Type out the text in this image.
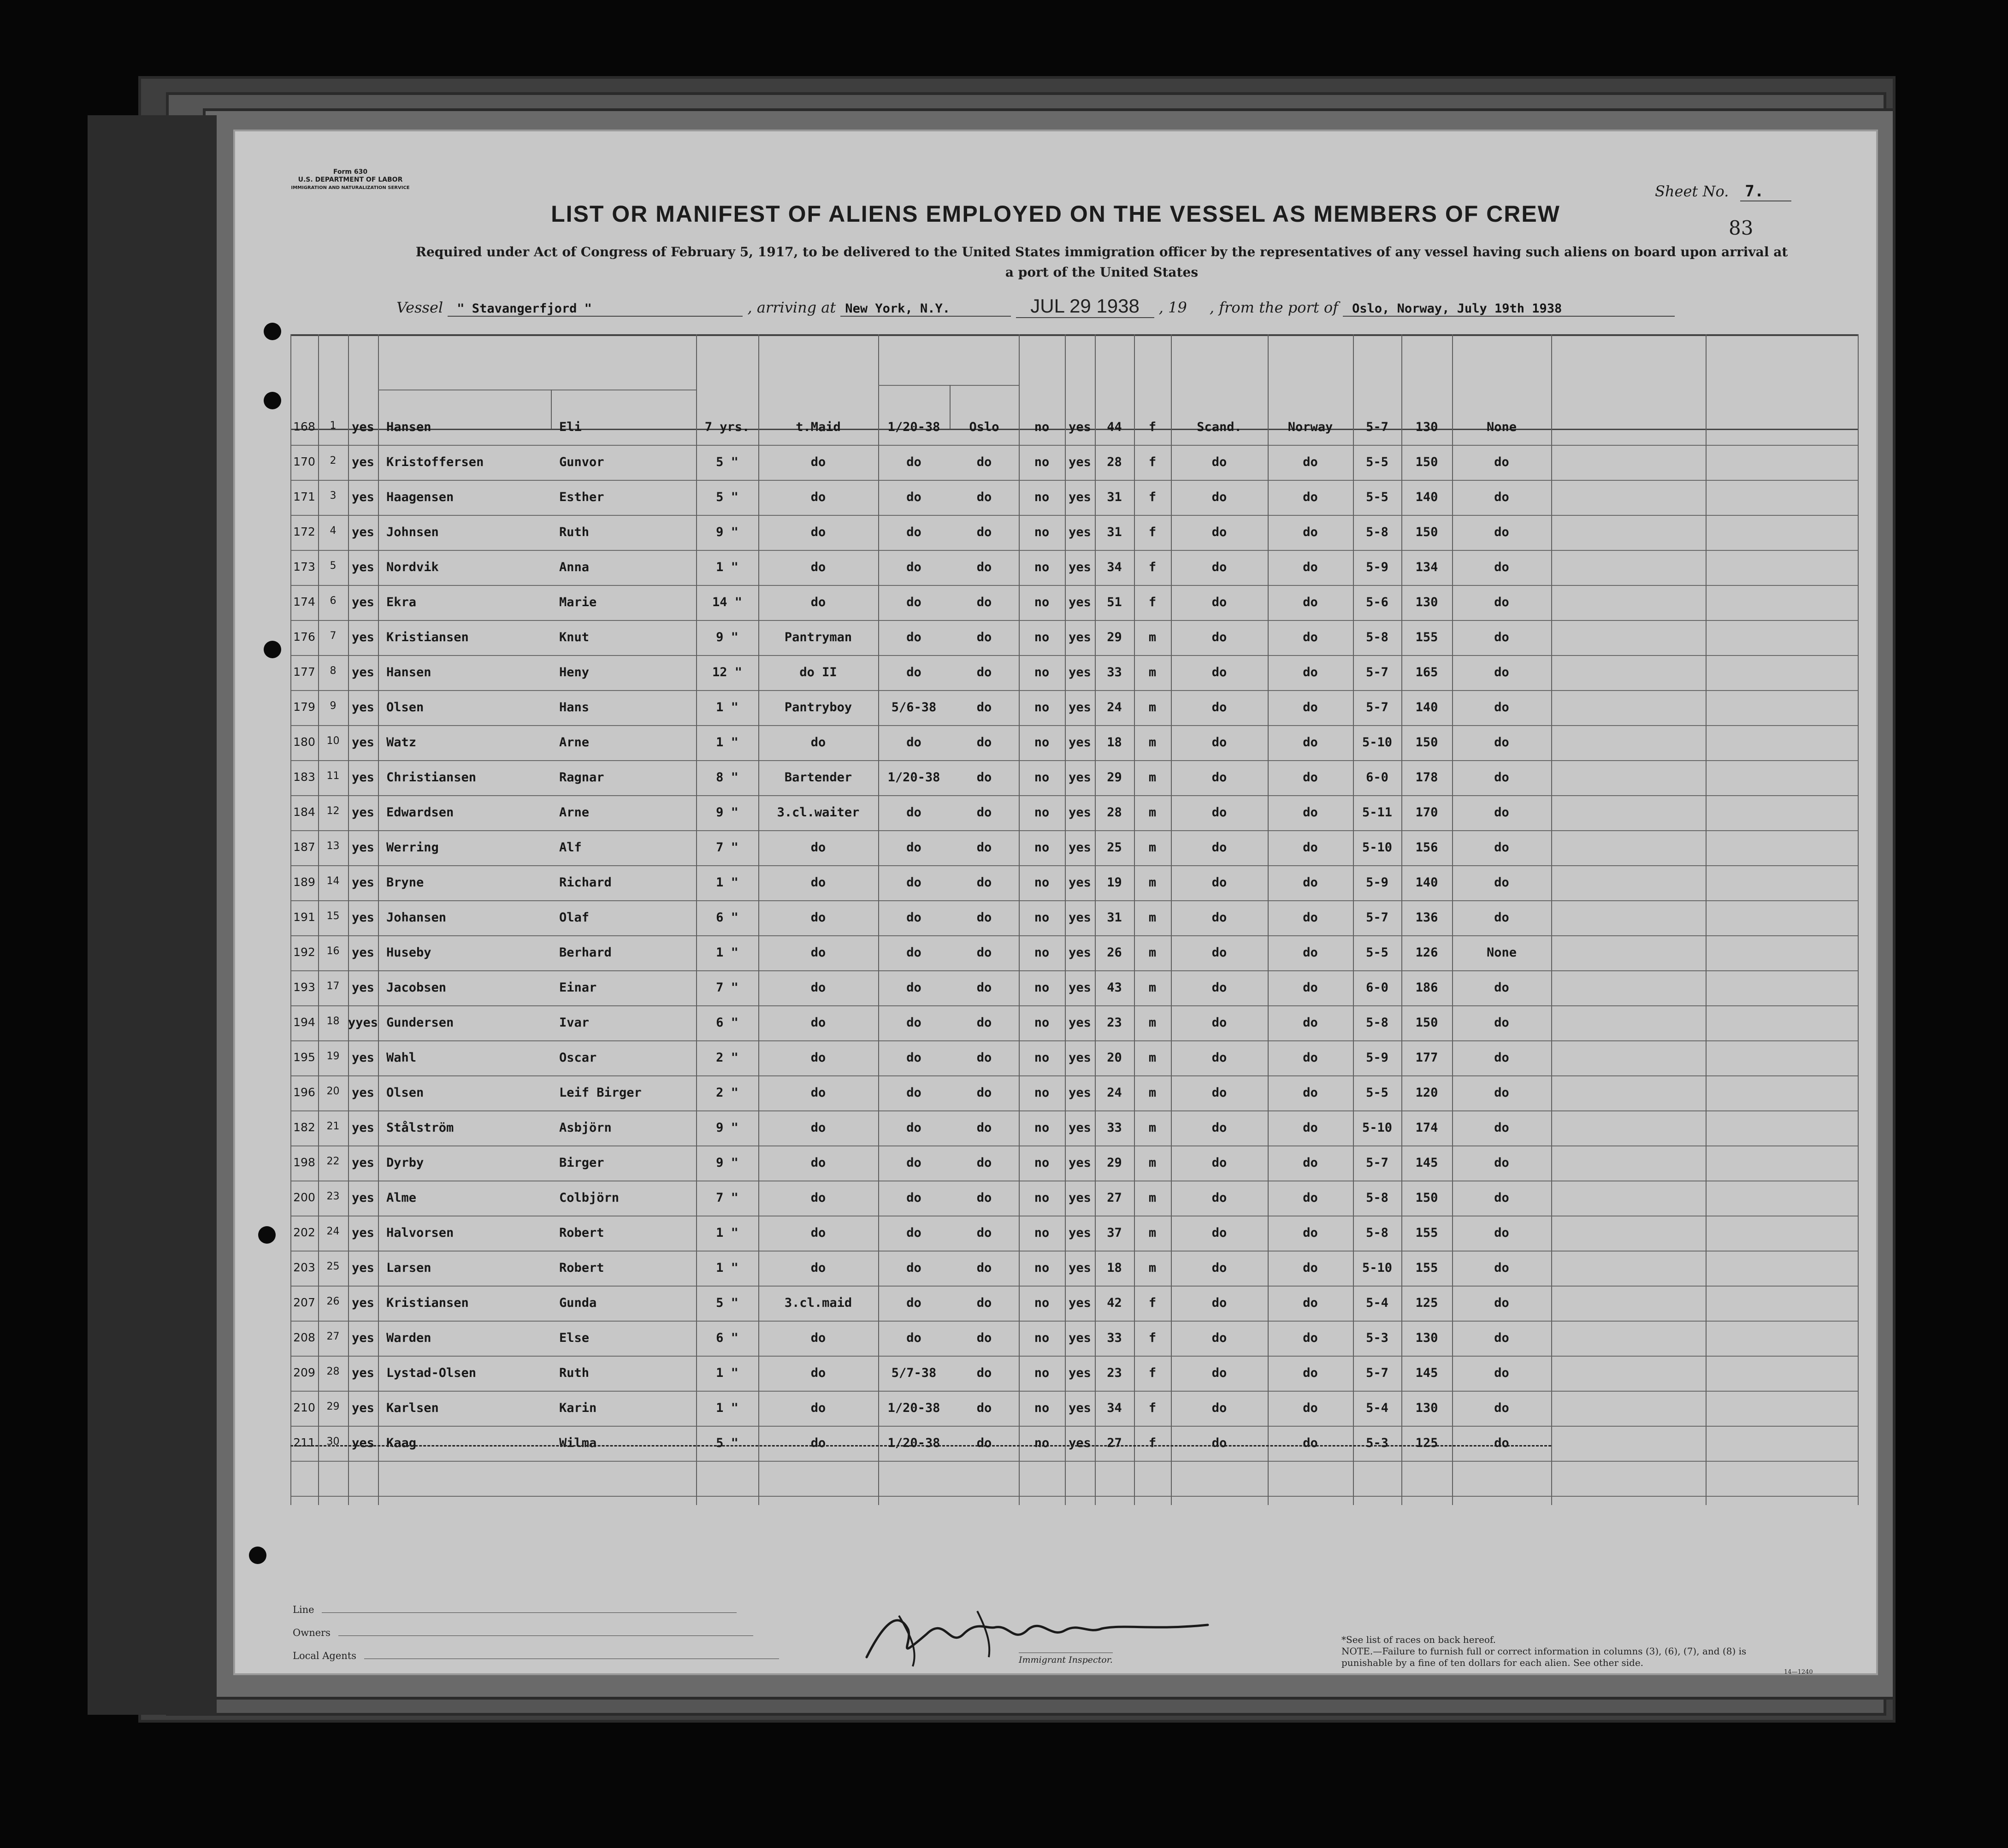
Form 630
U.S. DEPARTMENT OF LABOR
IMMIGRATION AND NATURALIZATION SERVICE
LIST OR MANIFEST OF ALIENS EMPLOYED ON THE VESSEL AS MEMBERS OF CREW
Required under Act of Congress of February 5, 1917, to be delivered to the United States immigration officer by the representatives of any vessel having such aliens on board upon arrival at a port of the United States
Sheet No. 7.
83
Vessel " Stavangerfjord "	, arriving at New York, N.Y.	JUL 29 1938 , 19 , from the port of Oslo, Norway, July 19th 1938
168	1	yes Hansen	Eli	7 yrs.	t.Maid	1/20-38	Oslo	no	yes	44	f	Scand.	Norway	5-7	130	None
170	2	yes Kristoffersen	Gunvor	5 "	do	do	do	no	yes	28	f	do	do	5-5	150	do
171	3	yes Haagensen	Esther	5 "	do	do	do	no	yes	31	f	do	do	5-5	140	do
172	4	yes Johnsen	Ruth	9 "	do	do	do	no	yes	31	f	do	do	5-8	150	do
173	5	yes Nordvik	Anna	1 "	do	do	do	no	yes	34	f	do	do	5-9	134	do
174	6	yes Ekra	Marie	14 "	do	do	do	no	yes	51	f	do	do	5-6	130	do
176	7	yes Kristiansen	Knut	9 "	Pantryman	do	do	no	yes	29	m	do	do	5-8	155	do
177	8	yes Hansen	Heny	12 "	do II	do	do	no	yes	33	m	do	do	5-7	165	do
179	9	yes Olsen	Hans	1 "	Pantryboy	5/6-38	do	no	yes	24	m	do	do	5-7	140	do
180	10 yes Watz	Arne	1 "	do	do	do	no	yes	18	m	do	do	5-10	150	do
183	11 yes Christiansen	Ragnar	8 "	Bartender	1/20-38	do	no	yes	29	m	do	do	6-0	178	do
184	12 yes Edwardsen	Arne	9 "	3.cl.waiter	do	do	no	yes	28	m	do	do	5-11	170	do
187	13 yes Werring	Alf	7 "	do	do	do	no	yes	25	m	do	do	5-10	156	do
189	14 yes Bryne	Richard	1 "	do	do	do	no	yes	19	m	do	do	5-9	140	do
191	15 yes Johansen	Olaf	6 "	do	do	do	no	yes	31	m	do	do	5-7	136	do
192	16 yes Huseby	Berhard	1 "	do	do	do	no	yes	26	m	do	do	5-5	126	None
193	17 yes Jacobsen	Einar	7 "	do	do	do	no	yes	43	m	do	do	6-0	186	do
194	18 yyes Gundersen	Ivar	6 "	do	do	do	no	yes	23	m	do	do	5-8	150	do
195	19 yes Wahl	Oscar	2 "	do	do	do	no	yes	20	m	do	do	5-9	177	do
196	20 yes Olsen	Leif Birger	2 "	do	do	do	no	yes	24	m	do	do	5-5	120	do
182	21 yes Stålström	Asbjörn	9 "	do	do	do	no	yes	33	m	do	do	5-10	174	do
198	22 yes Dyrby	Birger	9 "	do	do	do	no	yes	29	m	do	do	5-7	145	do
200	23 yes Alme	Colbjörn	7 "	do	do	do	no	yes	27	m	do	do	5-8	150	do
202	24 yes Halvorsen	Robert	1 "	do	do	do	no	yes	37	m	do	do	5-8	155	do
203	25 yes Larsen	Robert	1 "	do	do	do	no	yes	18	m	do	do	5-10	155	do
207	26 yes Kristiansen	Gunda	5 "	3.cl.maid	do	do	no	yes	42	f	do	do	5-4	125	do
208	27 yes Warden	Else	6 "	do	do	do	no	yes	33	f	do	do	5-3	130	do
209	28 yes Lystad-Olsen	Ruth	1 "	do	5/7-38	do	no	yes	23	f	do	do	5-7	145	do
210	29 yes Karlsen	Karin	1 "	do	1/20-38	do	no	yes	34	f	do	do	5-4	130	do
211	30 yes Kaag	Wilma	5 "	do	1/20-38	do	no	yes	27	f	do	do	5-3	125	do
Line
Owners
Local Agents	Immigrant Inspector.
*See list of races on back hereof.
NOTE.—Failure to furnish full or correct information in columns (3), (6), (7), and (8) is punishable by a fine of ten dollars for each alien. See other side.
14—1240
